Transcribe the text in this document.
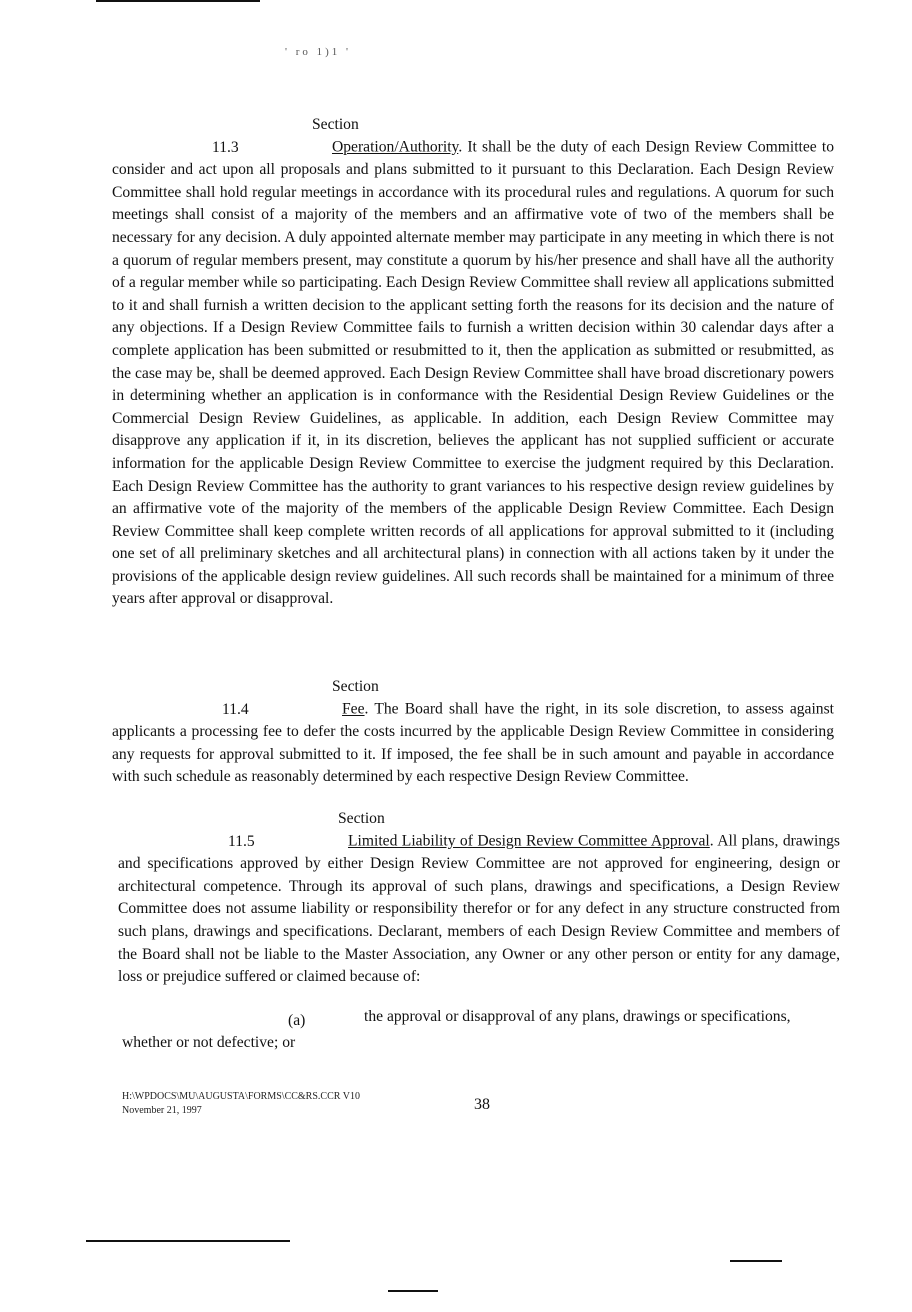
' ro 1)1 '

Section 11.3	Operation/Authority. It shall be the duty of each Design Review Committee to consider and act upon all proposals and plans submitted to it pursuant to this Declaration. Each Design Review Committee shall hold regular meetings in accordance with its procedural rules and regulations. A quorum for such meetings shall consist of a majority of the members and an affirmative vote of two of the members shall be necessary for any decision. A duly appointed alternate member may participate in any meeting in which there is not a quorum of regular members present, may constitute a quorum by his/her presence and shall have all the authority of a regular member while so participating. Each Design Review Committee shall review all applications submitted to it and shall furnish a written decision to the applicant setting forth the reasons for its decision and the nature of any objections. If a Design Review Committee fails to furnish a written decision within 30 calendar days after a complete application has been submitted or resubmitted to it, then the application as submitted or resubmitted, as the case may be, shall be deemed approved. Each Design Review Committee shall have broad discretionary powers in determining whether an application is in conformance with the Residential Design Review Guidelines or the Commercial Design Review Guidelines, as applicable. In addition, each Design Review Committee may disapprove any application if it, in its discretion, believes the applicant has not supplied sufficient or accurate information for the applicable Design Review Committee to exercise the judgment required by this Declaration. Each Design Review Committee has the authority to grant variances to his respective design review guidelines by an affirmative vote of the majority of the members of the applicable Design Review Committee. Each Design Review Committee shall keep complete written records of all applications for approval submitted to it (including one set of all preliminary sketches and all architectural plans) in connection with all actions taken by it under the provisions of the applicable design review guidelines. All such records shall be maintained for a minimum of three years after approval or disapproval.

Section 11.4	Fee. The Board shall have the right, in its sole discretion, to assess against applicants a processing fee to defer the costs incurred by the applicable Design Review Committee in considering any requests for approval submitted to it. If imposed, the fee shall be in such amount and payable in accordance with such schedule as reasonably determined by each respective Design Review Committee.

Section 11.5	Limited Liability of Design Review Committee Approval. All plans, drawings and specifications approved by either Design Review Committee are not approved for engineering, design or architectural competence. Through its approval of such plans, drawings and specifications, a Design Review Committee does not assume liability or responsibility therefor or for any defect in any structure constructed from such plans, drawings and specifications. Declarant, members of each Design Review Committee and members of the Board shall not be liable to the Master Association, any Owner or any other person or entity for any damage, loss or prejudice suffered or claimed because of:

(a)	the approval or disapproval of any plans, drawings or specifications,
whether or not defective; or
H:\WPDOCS\MU\AUGUSTA\FORMS\CC&RS.CCR V10
November 21, 1997	38
